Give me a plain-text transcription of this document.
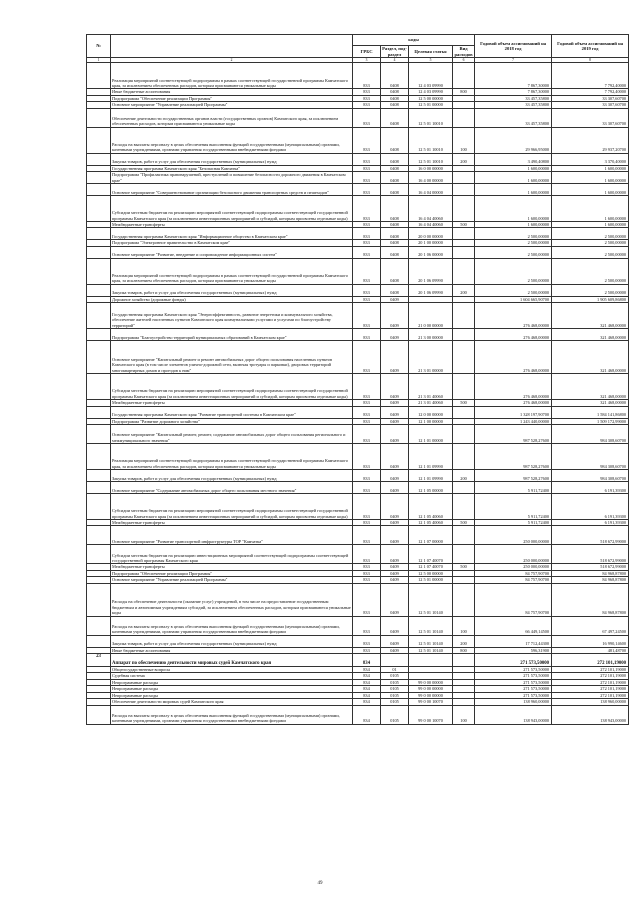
№		коды				Годовой объем ассигнований на 2018 год	Годовой объем ассигнований на 2019 год
		ГРБС	Раздел, под-раздел	Целевая статья	Вид расходов		
1	2	3	4	5	6	7	8
	Реализация мероприятий соответствующей подпрограммы в рамках соответствующей государственной программы Камчатского края, за исключением обеспеченных расходов, которым присваиваются уникальные коды	833	0408	12 4 03 09990		7 867,30000	7 792,40000
	Иные бюджетные ассигнования	833	0408	12 4 03 09990	800	7 867,30000	7 792,40000
	Подпрограмма "Обеспечение реализации Программы"	833	0408	12 5 00 00000		33 457,35800	33 307,60700
	Основное мероприятие "Управление реализацией Программы"	833	0408	12 5 01 00000		33 457,35800	33 307,60700
	Обеспечение деятельности государственных органов власти (государственных органов) Камчатского края, за исключением обеспеченных расходов, которым присваиваются уникальные коды	833	0408	12 5 01 10010		33 457,35800	33 307,60700
	Расходы на выплаты персоналу в целях обеспечения выполнения функций государственными (муниципальными) органами, казенными учреждениями, органами управления государственными внебюджетными фондами	833	0408	12 5 01 10010	100	29 966,95000	29 937,20700
	Закупка товаров, работ и услуг для обеспечения государственных (муниципальных) нужд	833	0408	12 5 01 10010	200	3 490,40800	3 370,40000
	Государственная программа Камчатского края "Безопасная Камчатка"	833	0408	16 0 00 00000		1 600,00000	1 600,00000
	Подпрограмма "Профилактика правонарушений, преступлений и повышение безопасности дорожного движения в Камчатском крае"	833	0408	16 4 00 00000		1 600,00000	1 600,00000
	Основное мероприятие "Совершенствование организации безопасного движения транспортных средств и пешеходов"	833	0408	16 4 04 00000		1 600,00000	1 600,00000
	Субсидии местным бюджетам на реализацию мероприятий соответствующей подпрограммы соответствующей государственной программы Камчатского края (за исключением инвестиционных мероприятий и субсидий, которым присвоены отдельные коды)	833	0408	16 4 04 40060		1 600,00000	1 600,00000
	Межбюджетные трансферты	833	0408	16 4 04 40060	500	1 600,00000	1 600,00000
	Государственная программа Камчатского края "Информационное общество в Камчатском крае"	833	0408	20 0 00 00000		2 500,00000	2 500,00000
	Подпрограмма "Электронное правительство в Камчатском крае"	833	0408	20 1 00 00000		2 500,00000	2 500,00000
	Основное мероприятие "Развитие, внедрение и сопровождение информационных систем"	833	0408	20 1 06 00000		2 500,00000	2 500,00000
	Реализация мероприятий соответствующей подпрограммы в рамках соответствующей государственной программы Камчатского края, за исключением обеспеченных расходов, которым присваиваются уникальные коды	833	0408	20 1 06 09990		2 500,00000	2 500,00000
	Закупка товаров, работ и услуг для обеспечения государственных (муниципальных) нужд	833	0408	20 1 06 09990	200	2 500,00000	2 500,00000
	Дорожное хозяйство (дорожные фонды)	833	0409			1 604 665,90700	1 905 609,86800
	Государственная программа Камчатского края "Энергоэффективность, развитие энергетики и коммунального хозяйства, обеспечение жителей населенных пунктов Камчатского края коммунальными услугами и услугами по благоустройству территорий"	833	0409	21 0 00 00000		276 468,00000	321 468,00000
	Подпрограмма "Благоустройство территорий муниципальных образований в Камчатском крае"	833	0409	21 3 00 00000		276 468,00000	321 468,00000
	Основное мероприятие "Капитальный ремонт и ремонт автомобильных дорог общего пользования населенных пунктов Камчатского края (в том числе элементов улично-дорожной сети, включая тротуары и парковки), дворовых территорий многоквартирных домов и проездов к ним"	833	0409	21 3 01 00000		276 468,00000	321 468,00000
	Субсидии местным бюджетам на реализацию мероприятий соответствующей подпрограммы соответствующей государственной программы Камчатского края (за исключением инвестиционных мероприятий и субсидий, которым присвоены отдельные коды)	833	0409	21 3 01 40060		276 468,00000	321 468,00000
	Межбюджетные трансферты	833	0409	21 3 01 40060	500	276 468,00000	321 468,00000
	Государственная программа Камчатского края "Развитие транспортной системы в Камчатском крае"	833	0409	12 0 00 00000		1 328 197,90700	1 584 141,86800
	Подпрограмма "Развитие дорожного хозяйства"	833	0409	12 1 00 00000		1 243 440,00000	1 509 172,99000
	Основное мероприятие "Капитальный ремонт, ремонт, содержание автомобильных дорог общего пользования регионального и межмуниципального значения"	833	0409	12 1 01 00000		987 528,27600	984 308,60700
	Реализация мероприятий соответствующей подпрограммы в рамках соответствующей государственной программы Камчатского края, за исключением обеспеченных расходов, которым присваиваются уникальные коды	833	0409	12 1 01 09990		987 528,27600	984 308,60700
	Закупка товаров, работ и услуг для обеспечения государственных (муниципальных) нужд	833	0409	12 1 01 09990	200	987 528,27600	984 308,60700
	Основное мероприятие "Содержание автомобильных дорог общего пользования местного значения"	833	0409	12 1 05 00000		5 911,72400	6 191,39300
	Субсидии местным бюджетам на реализацию мероприятий соответствующей подпрограммы соответствующей государственной программы Камчатского края (за исключением инвестиционных мероприятий и субсидий, которым присвоены отдельные коды)	833	0409	12 1 05 40060		5 911,72400	6 191,39300
	Межбюджетные трансферты	833	0409	12 1 05 40060	500	5 911,72400	6 191,39300
	Основное мероприятие "Развитие транспортной инфраструктуры ТОР "Камчатка"	833	0409	12 1 07 00000		250 000,00000	518 672,99000
	Субсидии местным бюджетам на реализацию инвестиционных мероприятий соответствующей подпрограммы соответствующей государственной программы Камчатского края	833	0409	12 1 07 40070		250 000,00000	518 672,99000
	Межбюджетные трансферты	833	0409	12 1 07 40070	500	250 000,00000	518 672,99000
	Подпрограмма "Обеспечение реализации Программы"	833	0409	12 5 00 00000		84 757,90700	84 968,87800
	Основное мероприятие "Управление реализацией Программы"	833	0409	12 5 01 00000		84 757,90700	84 968,87800
	Расходы на обеспечение деятельности (оказание услуг) учреждений, в том числе на предоставление государственным бюджетным и автономным учреждениям субсидий, за исключением обеспеченных расходов, которым присваиваются уникальные коды	833	0409	12 5 01 10140		84 757,90700	84 968,87800
	Расходы на выплаты персоналу в целях обеспечения выполнения функций государственными (муниципальными) органами, казенными учреждениями, органами управления государственными внебюджетными фондами	833	0409	12 5 01 10140	100	66 449,14500	67 497,24500
	Закупка товаров, работ и услуг для обеспечения государственных (муниципальных) нужд	833	0409	12 5 01 10140	200	17 712,44300	16 990,14600
	Иные бюджетные ассигнования	833	0409	12 5 01 10140	800	596,31900	481,48700
23	Аппарат по обеспечению деятельности мировых судей Камчатского края	834				271 573,50000	272 101,19000
	Общегосударственные вопросы	834	01			271 573,50000	272 101,19000
	Судебная система	834	0105			271 573,50000	272 101,19000
	Непрограммные расходы	834	0105	99 0 00 00000		271 573,50000	272 101,19000
	Непрограммные расходы	834	0105	99 0 00 00000		271 573,50000	272 101,19000
	Непрограммные расходы	834	0105	99 0 00 00000		271 573,50000	272 101,19000
	Обеспечение деятельности мировых судей Камчатского края	834	0105	99 0 00 10070		138 960,00000	138 960,00000
	Расходы на выплаты персоналу в целях обеспечения выполнения функций государственными (муниципальными) органами, казенными учреждениями, органами управления государственными внебюджетными фондами	834	0105	99 0 00 10070	100	138 943,00000	138 943,00000
49
